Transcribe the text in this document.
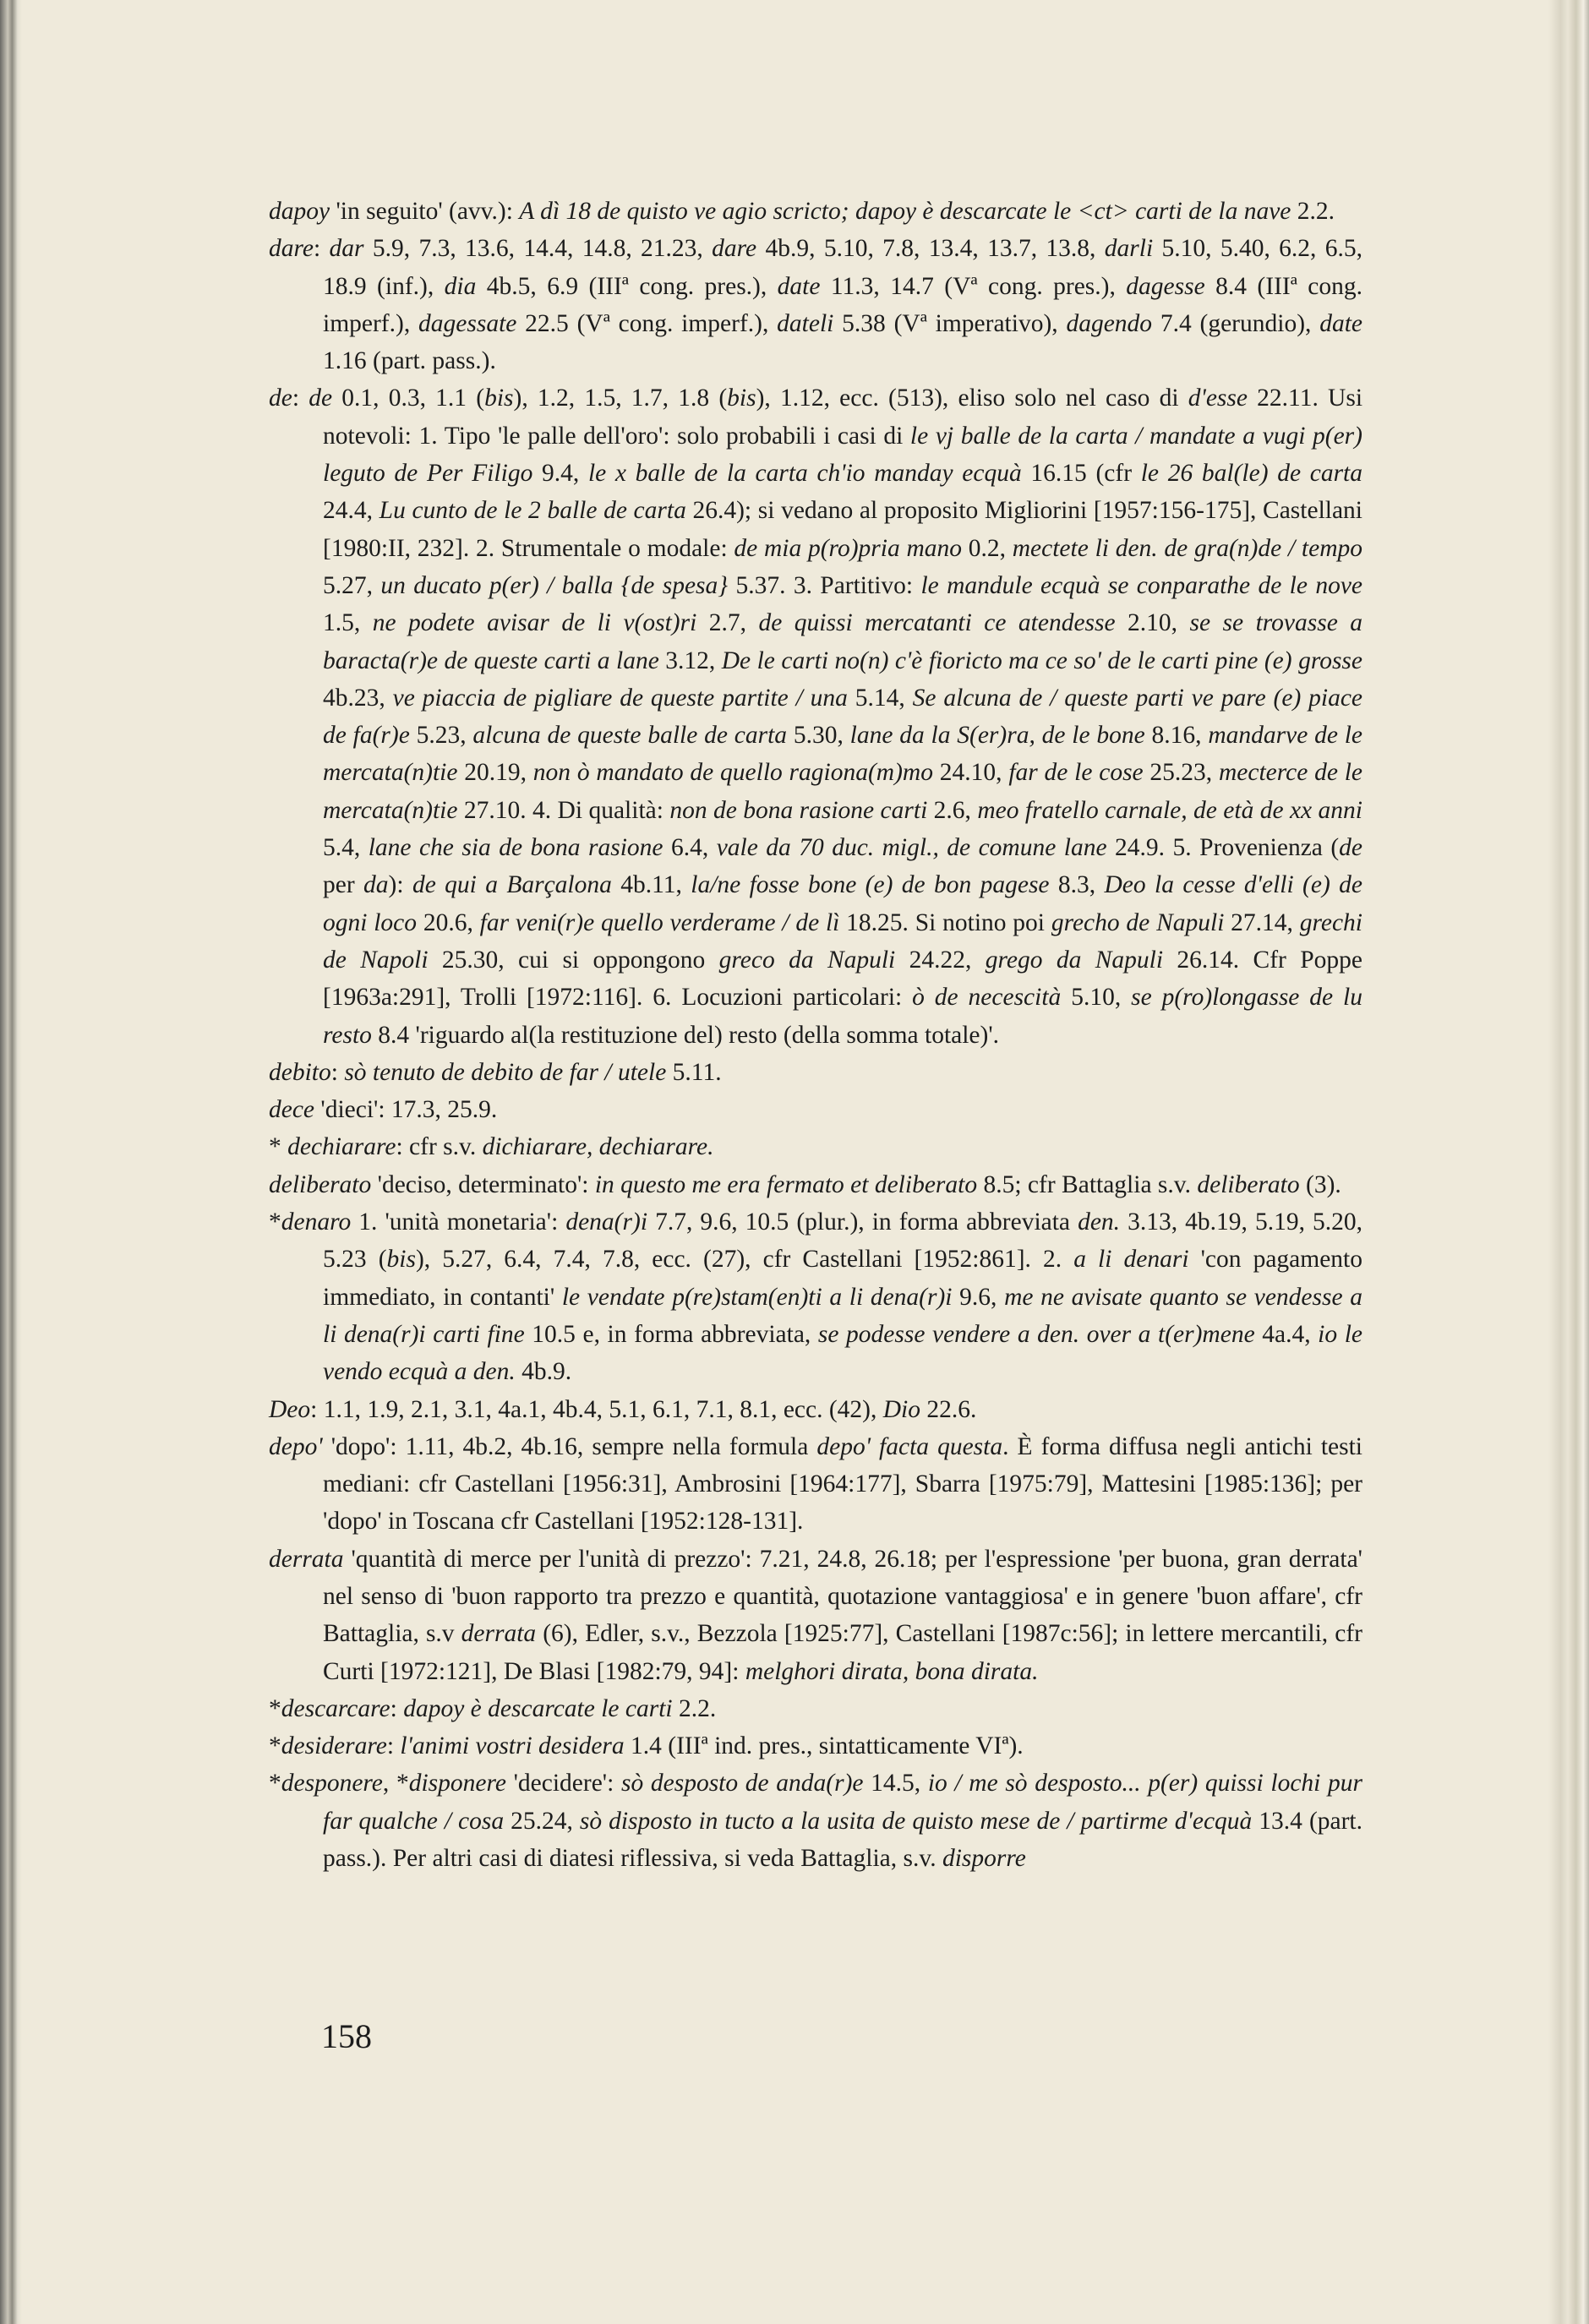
dapoy 'in seguito' (avv.): A dì 18 de quisto ve agio scricto; dapoy è descarcate le <ct> carti de la nave 2.2.

dare: dar 5.9, 7.3, 13.6, 14.4, 14.8, 21.23, dare 4b.9, 5.10, 7.8, 13.4, 13.7, 13.8, darli 5.10, 5.40, 6.2, 6.5, 18.9 (inf.), dia 4b.5, 6.9 (IIIª cong. pres.), date 11.3, 14.7 (Vª cong. pres.), dagesse 8.4 (IIIª cong. imperf.), dagessate 22.5 (Vª cong. imperf.), dateli 5.38 (Vª imperativo), dagendo 7.4 (gerundio), date 1.16 (part. pass.).

de: de 0.1, 0.3, 1.1 (bis), 1.2, 1.5, 1.7, 1.8 (bis), 1.12, ecc. (513), eliso solo nel caso di d'esse 22.11. Usi notevoli: 1. Tipo 'le palle dell'oro': solo probabili i casi di le vj balle de la carta / mandate a vugi p(er) leguto de Per Filigo 9.4, le x balle de la carta ch'io manday ecquà 16.15 (cfr le 26 bal(le) de carta 24.4, Lu cunto de le 2 balle de carta 26.4); si vedano al proposito Migliorini [1957:156-175], Castellani [1980:II, 232]. 2. Strumentale o modale: de mia p(ro)pria mano 0.2, mectete li den. de gra(n)de / tempo 5.27, un ducato p(er) / balla {de spesa} 5.37. 3. Partitivo: le mandule ecquà se conparathe de le nove 1.5, ne podete avisar de li v(ost)ri 2.7, de quissi mercatanti ce atendesse 2.10, se se trovasse a baracta(r)e de queste carti a lane 3.12, De le carti no(n) c'è fioricto ma ce so' de le carti pine (e) grosse 4b.23, ve piaccia de pigliare de queste partite / una 5.14, Se alcuna de / queste parti ve pare (e) piace de fa(r)e 5.23, alcuna de queste balle de carta 5.30, lane da la S(er)ra, de le bone 8.16, mandarve de le mercata(n)tie 20.19, non ò mandato de quello ragiona(m)mo 24.10, far de le cose 25.23, mecterce de le mercata(n)tie 27.10. 4. Di qualità: non de bona rasione carti 2.6, meo fratello carnale, de età de xx anni 5.4, lane che sia de bona rasione 6.4, vale da 70 duc. migl., de comune lane 24.9. 5. Provenienza (de per da): de qui a Barçalona 4b.11, la/ne fosse bone (e) de bon pagese 8.3, Deo la cesse d'elli (e) de ogni loco 20.6, far veni(r)e quello verderame / de lì 18.25. Si notino poi grecho de Napuli 27.14, grechi de Napoli 25.30, cui si oppongono greco da Napuli 24.22, grego da Napuli 26.14. Cfr Poppe [1963a:291], Trolli [1972:116]. 6. Locuzioni particolari: ò de necescità 5.10, se p(ro)longasse de lu resto 8.4 'riguardo al(la restituzione del) resto (della somma totale)'.

debito: sò tenuto de debito de far / utele 5.11.

dece 'dieci': 17.3, 25.9.

* dechiarare: cfr s.v. dichiarare, dechiarare.

deliberato 'deciso, determinato': in questo me era fermato et deliberato 8.5; cfr Battaglia s.v. deliberato (3).

*denaro 1. 'unità monetaria': dena(r)i 7.7, 9.6, 10.5 (plur.), in forma abbreviata den. 3.13, 4b.19, 5.19, 5.20, 5.23 (bis), 5.27, 6.4, 7.4, 7.8, ecc. (27), cfr Castellani [1952:861]. 2. a li denari 'con pagamento immediato, in contanti' le vendate p(re)stam(en)ti a li dena(r)i 9.6, me ne avisate quanto se vendesse a li dena(r)i carti fine 10.5 e, in forma abbreviata, se podesse vendere a den. over a t(er)mene 4a.4, io le vendo ecquà a den. 4b.9.

Deo: 1.1, 1.9, 2.1, 3.1, 4a.1, 4b.4, 5.1, 6.1, 7.1, 8.1, ecc. (42), Dio 22.6.

depo' 'dopo': 1.11, 4b.2, 4b.16, sempre nella formula depo' facta questa. È forma diffusa negli antichi testi mediani: cfr Castellani [1956:31], Ambrosini [1964:177], Sbarra [1975:79], Mattesini [1985:136]; per 'dopo' in Toscana cfr Castellani [1952:128-131].

derrata 'quantità di merce per l'unità di prezzo': 7.21, 24.8, 26.18; per l'espressione 'per buona, gran derrata' nel senso di 'buon rapporto tra prezzo e quantità, quotazione vantaggiosa' e in genere 'buon affare', cfr Battaglia, s.v derrata (6), Edler, s.v., Bezzola [1925:77], Castellani [1987c:56]; in lettere mercantili, cfr Curti [1972:121], De Blasi [1982:79, 94]: melghori dirata, bona dirata.

*descarcare: dapoy è descarcate le carti 2.2.

*desiderare: l'animi vostri desidera 1.4 (IIIª ind. pres., sintatticamente VIª).

*desponere, *disponere 'decidere': sò desposto de anda(r)e 14.5, io / me sò desposto... p(er) quissi lochi pur far qualche / cosa 25.24, sò disposto in tucto a la usita de quisto mese de / partirme d'ecquà 13.4 (part. pass.). Per altri casi di diatesi riflessiva, si veda Battaglia, s.v. disporre

158
